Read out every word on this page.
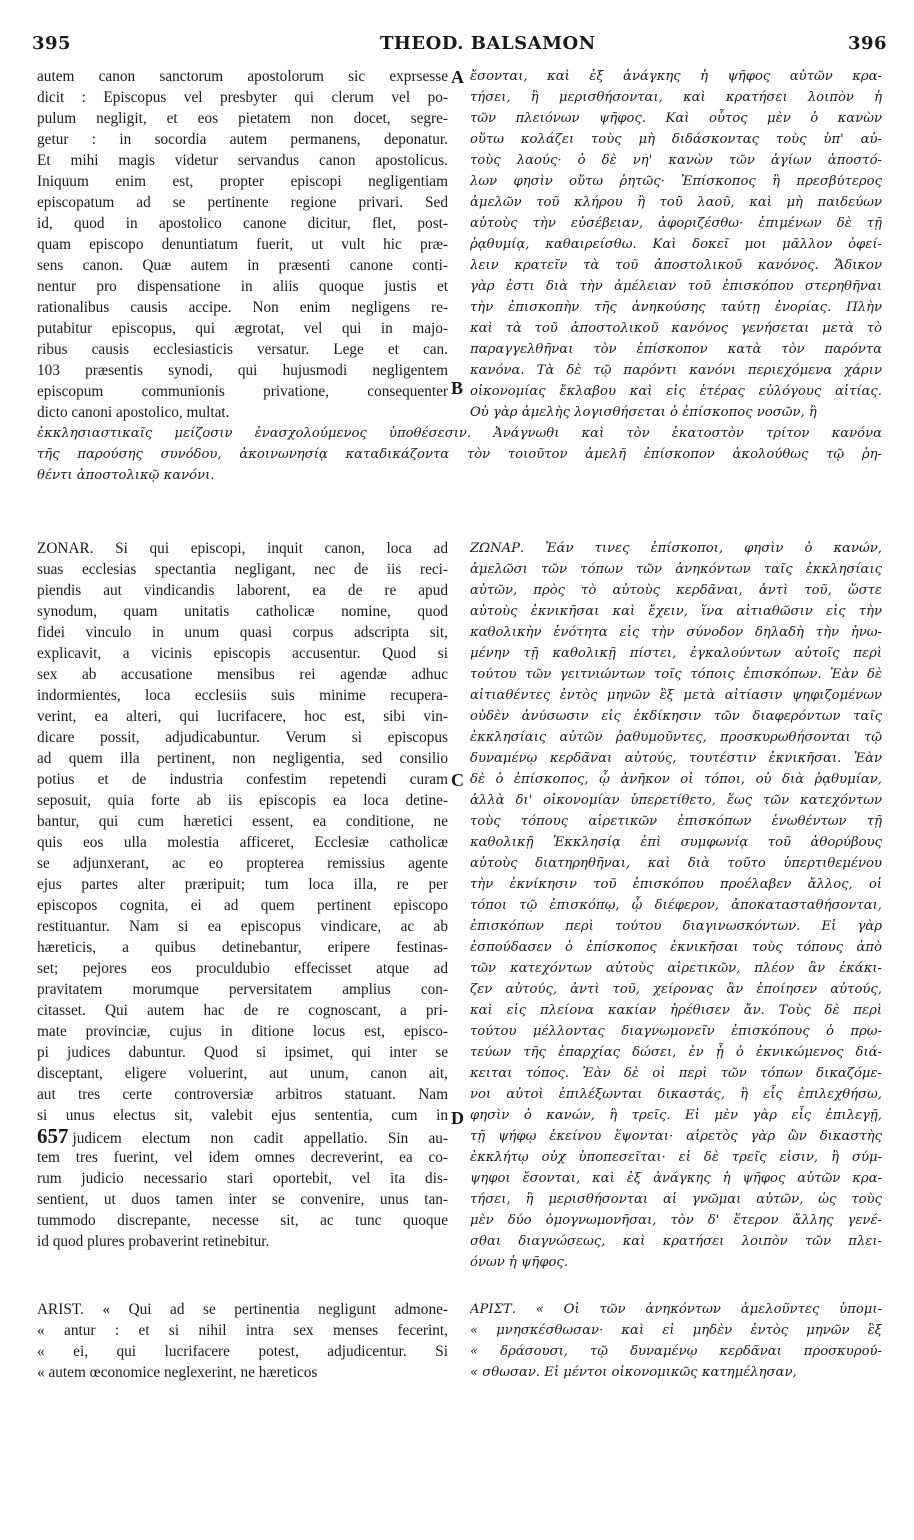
395	THEOD. BALSAMON	396
autem canon sanctorum apostolorum sic exprsesse
dicit : Episcopus vel presbyter qui clerum vel po-
pulum negligit, et eos pietatem non docet, segre-
getur : in socordia autem permanens, deponatur.
Et mihi magis videtur servandus canon apostolicus.
Iniquum enim est, propter episcopi negligentiam
episcopatum ad se pertinente regione privari. Sed
id, quod in apostolico canone dicitur, flet, post-
quam episcopo denuntiatum fuerit, ut vult hic præ-
sens canon. Quæ autem in præsenti canone conti-
nentur pro dispensatione in aliis quoque justis et
rationalibus causis accipe. Non enim negligens re-
putabitur episcopus, qui ægrotat, vel qui in majo-
ribus causis ecclesiasticis versatur. Lege et can.
103 præsentis synodi, qui hujusmodi negligentem
episcopum communionis privatione, consequenter
dicto canoni apostolico, multat.
ἔσονται, καὶ ἐξ ἀνάγκης ἡ ψῆφος αὐτῶν κρα-
τήσει, ἢ μερισθήσονται, καὶ κρατήσει λοιπὸν ἡ
τῶν πλειόνων ψῆφος. Καὶ οὗτος μὲν ὁ κανὼν
οὕτω κολάζει τοὺς μὴ διδάσκοντας τοὺς ὑπ' αὐ-
τοὺς λαούς· ὁ δὲ νη' κανὼν τῶν ἁγίων ἀποστό-
λων φησὶν οὕτω ῥητῶς· Ἐπίσκοπος ἢ πρεσβύτερος
ἀμελῶν τοῦ κλήρου ἢ τοῦ λαοῦ, καὶ μὴ παιδεύων
αὐτοὺς τὴν εὐσέβειαν, ἀφοριζέσθω· ἐπιμένων δὲ τῇ
ῥᾳθυμίᾳ, καθαιρείσθω. Καὶ δοκεῖ μοι μᾶλλον ὀφεί-
λειν κρατεῖν τὰ τοῦ ἀποστολικοῦ κανόνος. Ἄδικον
γὰρ ἐστι διὰ τὴν ἀμέλειαν τοῦ ἐπισκόπου στερηθῆναι
τὴν ἐπισκοπὴν τῆς ἀνηκούσης ταύτῃ ἐνορίας. Πλὴν
καὶ τὰ τοῦ ἀποστολικοῦ κανόνος γενήσεται μετὰ τὸ
παραγγελθῆναι τὸν ἐπίσκοπον κατὰ τὸν παρόντα
κανόνα. Τὰ δὲ τῷ παρόντι κανόνι περιεχόμενα χάριν
οἰκονομίας ἔκλαβου καὶ εἰς ἑτέρας εὐλόγους αἰτίας.
Οὐ γὰρ ἀμελὴς λογισθήσεται ὁ ἐπίσκοπος νοσῶν, ἢ
ἐκκλησιαστικαῖς μείζοσιν ἐνασχολούμενος ὑποθέσεσιν. Ἀνάγνωθι καὶ τὸν ἑκατοστὸν τρίτον κανόνα
τῆς παρούσης συνόδου, ἀκοινωνησίᾳ καταδικάζοντα τὸν τοιοῦτον ἀμελῆ ἐπίσκοπον ἀκολούθως τῷ ῥη-
θέντι ἀποστολικῷ κανόνι.
A
B
C
D
ZONAR. Si qui episcopi, inquit canon, loca ad
suas ecclesias spectantia negligant, nec de iis reci-
piendis aut vindicandis laborent, ea de re apud
synodum, quam unitatis catholicæ nomine, quod
fidei vinculo in unum quasi corpus adscripta sit,
explicavit, a vicinis episcopis accusentur. Quod si
sex ab accusatione mensibus rei agendæ adhuc
indormientes, loca ecclesiis suis minime recupera-
verint, ea alteri, qui lucrifacere, hoc est, sibi vin-
dicare possit, adjudicabuntur. Verum si episcopus
ad quem illa pertinent, non negligentia, sed consilio
potius et de industria confestim repetendi curam
seposuit, quia forte ab iis episcopis ea loca detine-
bantur, qui cum hæretici essent, ea conditione, ne
quis eos ulla molestia afficeret, Ecclesiæ catholicæ
se adjunxerant, ac eo propterea remissius agente
ejus partes alter præripuit; tum loca illa, re per
episcopos cognita, ei ad quem pertinent episcopo
restituantur. Nam si ea episcopus vindicare, ac ab
hæreticis, a quibus detinebantur, eripere festinas-
set; pejores eos proculdubio effecisset atque ad
pravitatem morumque perversitatem amplius con-
citasset. Qui autem hac de re cognoscant, a pri-
mate provinciæ, cujus in ditione locus est, episco-
pi judices dabuntur. Quod si ipsimet, qui inter se
disceptant, eligere voluerint, aut unum, canon ait,
aut tres certe controversiæ arbitros statuant. Nam
si unus electus sit, valebit ejus sententia, cum in
657 judicem electum non cadit appellatio. Sin au-
tem tres fuerint, vel idem omnes decreverint, ea co-
rum judicio necessario stari oportebit, vel ita dis-
sentient, ut duos tamen inter se convenire, unus tan-
tummodo discrepante, necesse sit, ac tunc quoque
id quod plures probaverint retinebitur.
ΖΩΝΑΡ. Ἐάν τινες ἐπίσκοποι, φησὶν ὁ κανών,
ἀμελῶσι τῶν τόπων τῶν ἀνηκόντων ταῖς ἐκκλησίαις
αὐτῶν, πρὸς τὸ αὐτοὺς κερδᾶναι, ἀντὶ τοῦ, ὥστε
αὐτοὺς ἐκνικῆσαι καὶ ἔχειν, ἵνα αἰτιαθῶσιν εἰς τὴν
καθολικὴν ἑνότητα εἰς τὴν σύνοδον δηλαδὴ τὴν ἡνω-
μένην τῇ καθολικῇ πίστει, ἐγκαλούντων αὐτοῖς περὶ
τούτου τῶν γειτνιώντων τοῖς τόποις ἐπισκόπων. Ἐὰν δὲ
αἰτιαθέντες ἐντὸς μηνῶν ἓξ μετὰ αἰτίασιν ψηφιζομένων
οὐδὲν ἀνύσωσιν εἰς ἐκδίκησιν τῶν διαφερόντων ταῖς
ἐκκλησίαις αὐτῶν ῥαθυμοῦντες, προσκυρωθήσονται τῷ
δυναμένῳ κερδᾶναι αὐτούς, τουτέστιν ἐκνικῆσαι. Ἐὰν
δὲ ὁ ἐπίσκοπος, ᾧ ἀνῆκον οἱ τόποι, οὐ διὰ ῥᾳθυμίαν,
ἀλλὰ δι' οἰκονομίαν ὑπερετίθετο, ἕως τῶν κατεχόντων
τοὺς τόπους αἱρετικῶν ἐπισκόπων ἑνωθέντων τῇ
καθολικῇ Ἐκκλησίᾳ ἐπὶ συμφωνίᾳ τοῦ ἀθορύβους
αὐτοὺς διατηρηθῆναι, καὶ διὰ τοῦτο ὑπερτιθεμένου
τὴν ἐκνίκησιν τοῦ ἐπισκόπου προέλαβεν ἄλλος, οἱ
τόποι τῷ ἐπισκόπῳ, ᾧ διέφερον, ἀποκατασταθήσονται,
ἐπισκόπων περὶ τούτου διαγινωσκόντων. Εἰ γὰρ
ἐσπούδασεν ὁ ἐπίσκοπος ἐκνικῆσαι τοὺς τόπους ἀπὸ
τῶν κατεχόντων αὐτοὺς αἱρετικῶν, πλέον ἂν ἐκάκι-
ζεν αὐτούς, ἀντὶ τοῦ, χείρονας ἂν ἐποίησεν αὐτούς,
καὶ εἰς πλείονα κακίαν ἠρέθισεν ἄν. Τοὺς δὲ περὶ
τούτου μέλλοντας διαγνωμονεῖν ἐπισκόπους ὁ πρω-
τεύων τῆς ἐπαρχίας δώσει, ἐν ᾗ ὁ ἐκνικώμενος διά-
κειται τόπος. Ἐὰν δὲ οἱ περὶ τῶν τόπων δικαζόμε-
νοι αὐτοὶ ἐπιλέξωνται δικαστάς, ἢ εἷς ἐπιλεχθήσω,
φησὶν ὁ κανών, ἢ τρεῖς. Εἰ μὲν γὰρ εἷς ἐπιλεγῇ,
τῇ ψήφῳ ἐκείνου ἕψονται· αἱρετὸς γὰρ ὢν δικαστὴς
ἐκκλήτῳ οὐχ ὑποπεσεῖται· εἰ δὲ τρεῖς εἰσιν, ἢ σύμ-
ψηφοι ἔσονται, καὶ ἐξ ἀνάγκης ἡ ψῆφος αὐτῶν κρα-
τήσει, ἢ μερισθήσονται αἱ γνῶμαι αὐτῶν, ὡς τοὺς
μὲν δύο ὁμογνωμονῆσαι, τὸν δ' ἕτερον ἄλλης γενέ-
σθαι διαγνώσεως, καὶ κρατήσει λοιπὸν τῶν πλει-
όνων ἡ ψῆφος.
ARIST. « Qui ad se pertinentia negligunt admone-
« antur : et si nihil intra sex menses fecerint,
« ei, qui lucrifacere potest, adjudicentur. Si
« autem œconomice neglexerint, ne hæreticos
ΑΡΙΣΤ. « Οἱ τῶν ἀνηκόντων ἀμελοῦντες ὑπομι-
« μνησκέσθωσαν· καὶ εἰ μηδὲν ἐντὸς μηνῶν ἓξ
« δράσουσι, τῷ δυναμένῳ κερδᾶναι προσκυρού-
« σθωσαν. Εἰ μέντοι οἰκονομικῶς κατημέλησαν,
